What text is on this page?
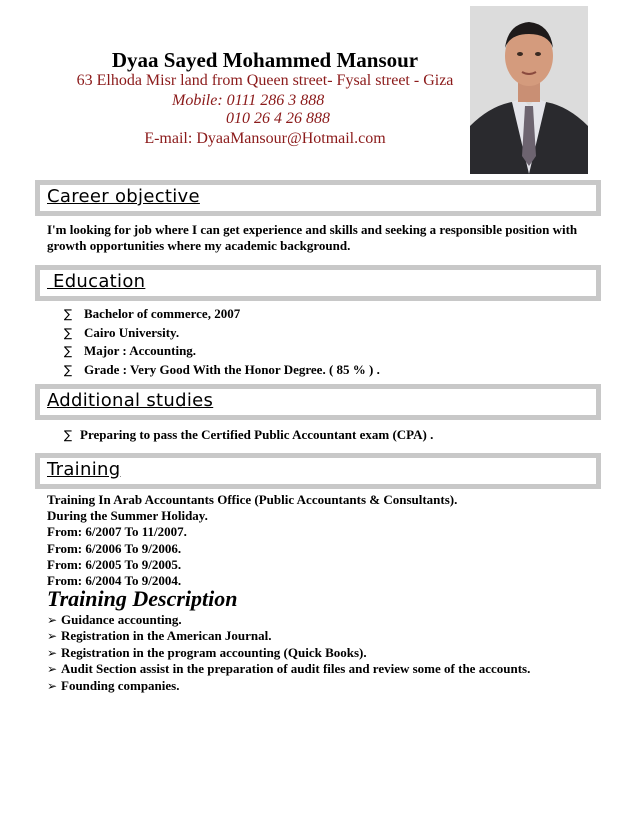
Dyaa Sayed Mohammed Mansour
63 Elhoda Misr land from Queen street- Fysal street - Giza
Mobile: 0111 286 3 888
010 26 4 26 888
E-mail: DyaaMansour@Hotmail.com
Career objective
I'm looking for job where I can get experience and skills and seeking a responsible position with growth opportunities where my academic background.
Education
∑ Bachelor of commerce, 2007
∑ Cairo University.
∑ Major : Accounting.
∑ Grade : Very Good With the Honor Degree. ( 85 % ) .
Additional studies
∑ Preparing to pass the Certified Public Accountant exam (CPA) .
Training
Training In Arab Accountants Office (Public Accountants & Consultants).
During the Summer Holiday.
From: 6/2007 To 11/2007.
From: 6/2006 To 9/2006.
From: 6/2005 To 9/2005.
From: 6/2004 To 9/2004.
Training Description
➢ Guidance accounting.
➢ Registration in the American Journal.
➢ Registration in the program accounting (Quick Books).
➢ Audit Section assist in the preparation of audit files and review some of the accounts.
➢ Founding companies.
